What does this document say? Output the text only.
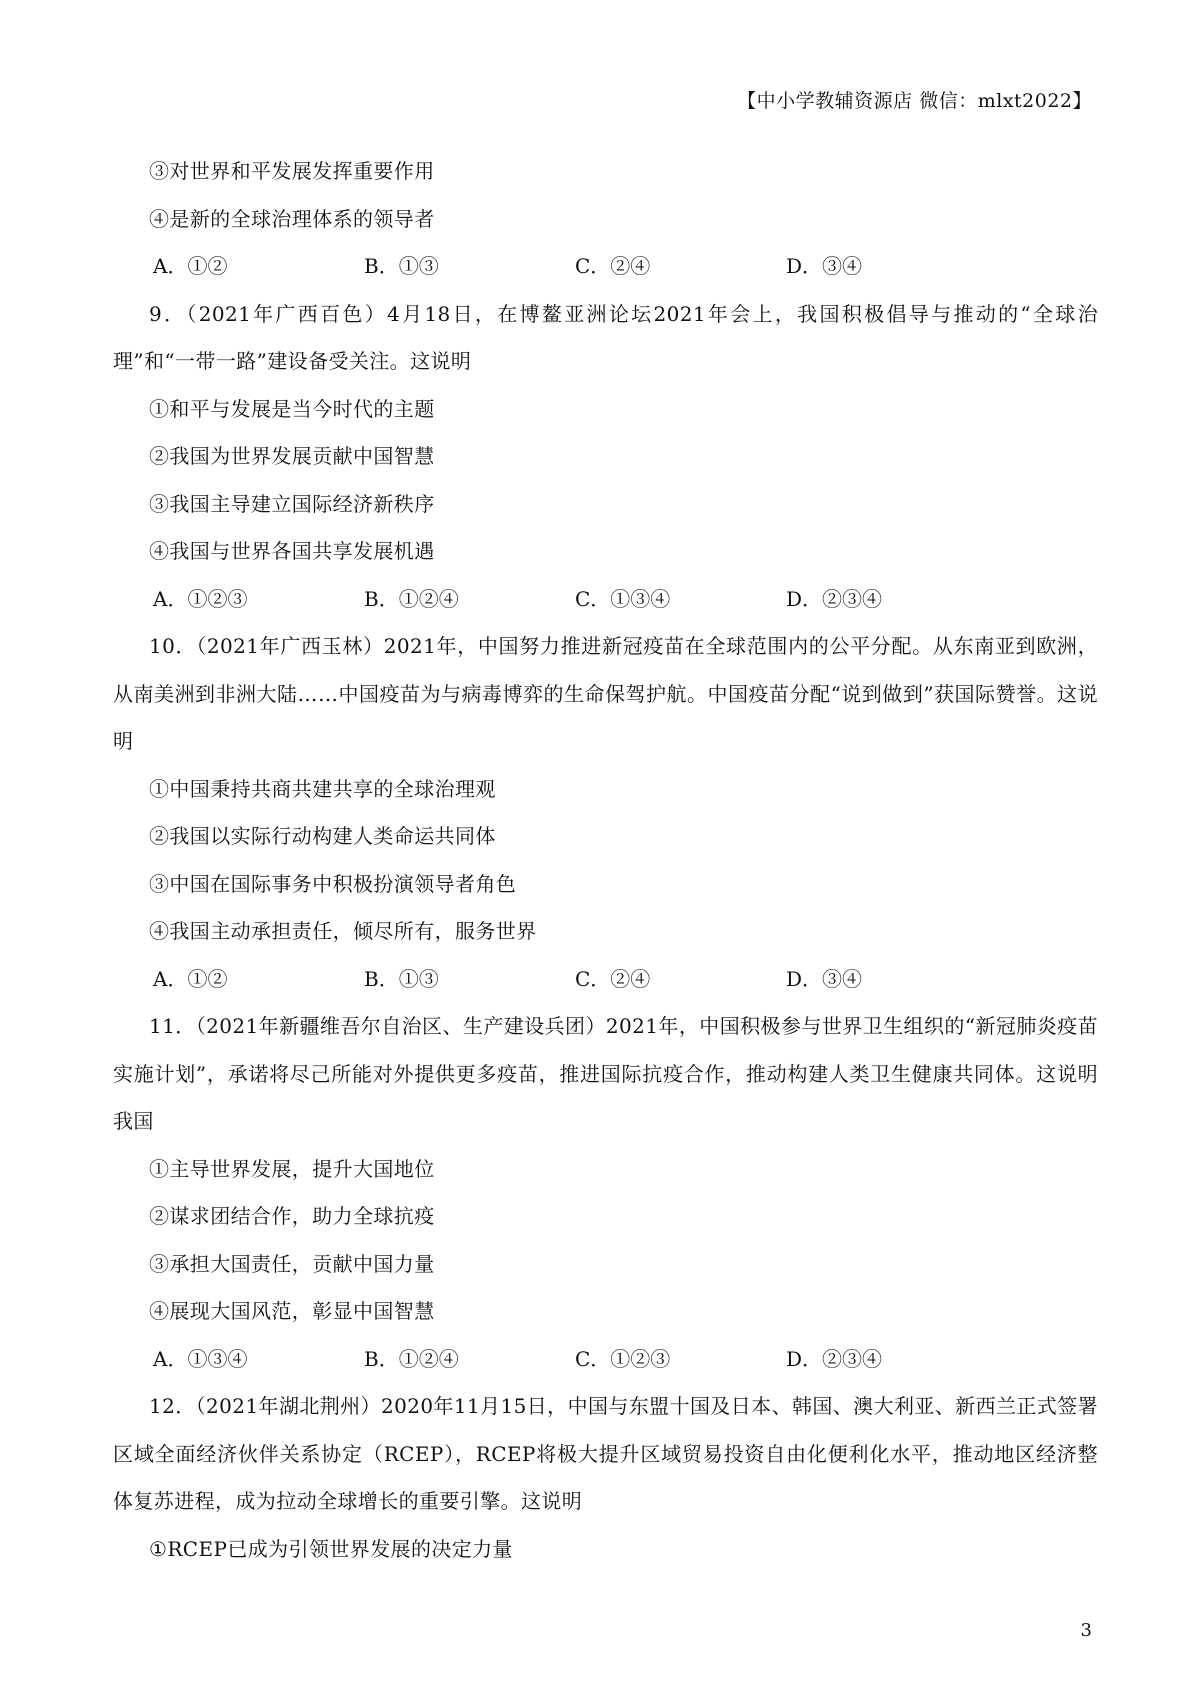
【中小学教辅资源店 微信：mlxt2022】
③对世界和平发展发挥重要作用
④是新的全球治理体系的领导者
A．①②	B．①③	C．②④	D．③④
9．（2021年广西百色）4月18日，在博鳌亚洲论坛2021年会上，我国积极倡导与推动的“全球治理”和“一带一路”建设备受关注。这说明
①和平与发展是当今时代的主题
②我国为世界发展贡献中国智慧
③我国主导建立国际经济新秩序
④我国与世界各国共享发展机遇
A．①②③	B．①②④	C．①③④	D．②③④
10．（2021年广西玉林）2021年，中国努力推进新冠疫苗在全球范围内的公平分配。从东南亚到欧洲，从南美洲到非洲大陆……中国疫苗为与病毒博弈的生命保驾护航。中国疫苗分配“说到做到”获国际赞誉。这说明
①中国秉持共商共建共享的全球治理观
②我国以实际行动构建人类命运共同体
③中国在国际事务中积极扮演领导者角色
④我国主动承担责任，倾尽所有，服务世界
A．①②	B．①③	C．②④	D．③④
11．（2021年新疆维吾尔自治区、生产建设兵团）2021年，中国积极参与世界卫生组织的“新冠肺炎疫苗实施计划”，承诺将尽己所能对外提供更多疫苗，推进国际抗疫合作，推动构建人类卫生健康共同体。这说明我国
①主导世界发展，提升大国地位
②谋求团结合作，助力全球抗疫
③承担大国责任，贡献中国力量
④展现大国风范，彰显中国智慧
A．①③④	B．①②④	C．①②③	D．②③④
12．（2021年湖北荆州）2020年11月15日，中国与东盟十国及日本、韩国、澳大利亚、新西兰正式签署区域全面经济伙伴关系协定（RCEP），RCEP将极大提升区域贸易投资自由化便利化水平，推动地区经济整体复苏进程，成为拉动全球增长的重要引擎。这说明
①RCEP已成为引领世界发展的决定力量
3
